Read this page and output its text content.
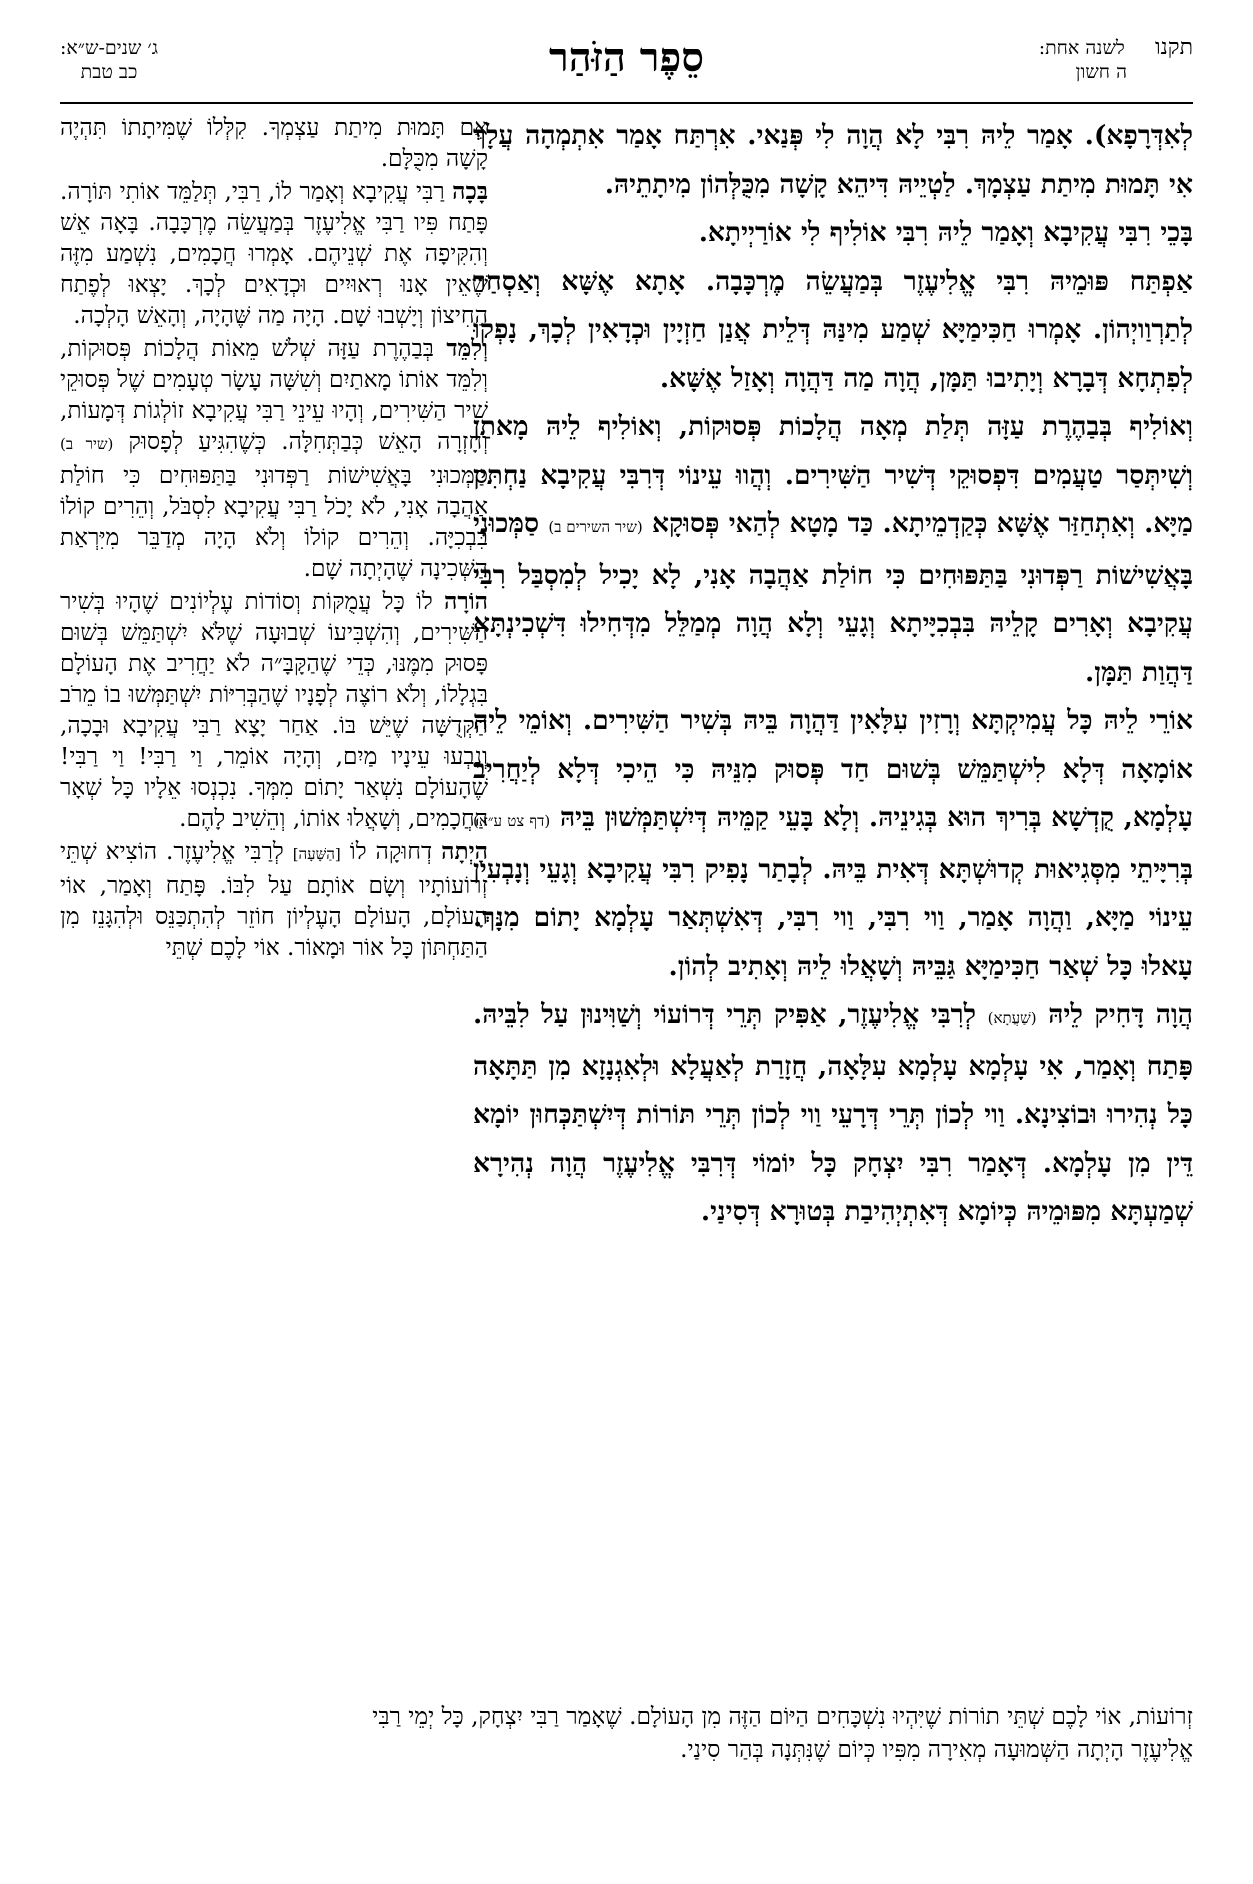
תקנו     לשנה אחת:
ה חשון
סֵפֶר הַזֹּהַר
ג׳ שנים-ש״א:
כב טבת

לְאִדְּרָפָא). אָמַר לֵיהּ רִבִּי לָא הֲוָה לִי פְּנַאי. אִרְתַּח אָמַר אִתְמְהָה עֲלָךְ אִי תָּמוּת מִיתַת עַצְמָךְ. לַטְיֵיהּ דִּיהֵא קָשָׁה מִכֻּלְּהוֹן מִיתָתֵיהּ.

בָּכֵי רִבִּי עֲקִיבָא וְאָמַר לֵיהּ רִבִּי אוֹלִיף לִי אוֹרַיְיתָא.

אַפְתַּח פּוּמֵיהּ רִבִּי אֱלִיעֶזֶר בְּמַעֲשֵׂה מֶרְכָּבָה. אָתָא אֶשָּׁא וְאַסְחַר לְתַרְוַויְהוֹן. אָמְרוּ חַכִּימַיָּא שְׁמַע מִינַּהּ דְּלֵית אֲנַן חַזְיָין וּכְדָאִין לְכָךְ, נָפְקוּ לְפִתְחָא דְּבָרָא וְיָתִיבוּ תַּמָּן, הֲוָה מַה דַּהֲוָה וְאָזַל אֶשָּׁא.

וְאוֹלִיף בְּבַהֶרֶת עַזָּה תְּלַת מְאָה הֲלָכוֹת פְּסוּקוֹת, וְאוֹלִיף לֵיהּ מָאתַן וְשִׁיתְּסַר טַעֲמִים דִּפְסוּקֵי דְּשִׁיר הַשִּׁירִים. וְהֲווּ עֵינוֹי דְּרִבִּי עֲקִיבָא נַחְתִּין מַיָּא. וְאִתְחַזַּר אֶשָּׁא כְּקַדְמֵיתָא. כַּד מָטָא לְהַאי פְּסוּקָא (שיר השירים ב) סַמְּכוּנִי בָּאֲשִׁישׁוֹת רַפְּדוּנִי בַּתַּפּוּחִים כִּי חוֹלַת אַהֲבָה אָנִי, לָא יָכִיל לְמִסְבַּל רִבִּי עֲקִיבָא וְאָרִים קָלֵיהּ בִּבְכִיָּיתָא וְגָעֵי וְלָא הֲוָה מְמַלֵּל מִדְּחִילוּ דִּשְׁכִינְתָּא דַּהֲוַת תַּמָּן.

אוֹרֵי לֵיהּ כָּל עֲמִיקְתָּא וְרָזִין עִלָּאִין דַּהֲוָה בֵּיהּ בְּשִׁיר הַשִּׁירִים. וְאוֹמֵי לֵיהּ אוֹמָאָה דְּלָא לִישְׁתַּמֵּשׁ בְּשׁוּם חַד פְּסוּק מִנֵּיהּ כִּי הֵיכִי דְּלָא לְיַחֲרִיב עָלְמָא, קֻדְשָׁא בְּרִיךְ הוּא בְּגִינֵיהּ. וְלָא בָּעֵי קַמֵּיהּ דְּיִשְׁתַּמְּשׁוּן בֵּיהּ (דף צט ע״א) בְּרִיָּיתֵי מִסְּגִיאוּת קְדוּשְׁתָּא דְּאִית בֵּיהּ. לְבָתַר נָפִיק רִבִּי עֲקִיבָא וְגָעֵי וְנָבְעִין עֵינוֹי מַיָּא, וַהֲוָה אָמַר, וַוי רִבִּי, וַוי רִבִּי, דְּאִשְׁתְּאַר עָלְמָא יָתוֹם מִנָּךְ. עָאלוּ כָּל שְׁאַר חַכִּימַיָּא גַּבֵּיהּ וְשָׁאֲלוּ לֵיהּ וְאָתִיב לְהוֹן.

הֲוָה דָּחִיק לֵיהּ (שַׁעֲתָא) לְרִבִּי אֱלִיעֶזֶר, אַפִּיק תְּרֵי דְּרוֹעוֹי וְשַׁוִּינוּן עַל לִבֵּיהּ. פָּתַח וְאָמַר, אִי עָלְמָא עָלְמָא עִלָּאָה, חֲזָרַת לְאַעֲלָא וּלְאִגְנָזָא מִן תַּתָּאָה כָּל נְהִירוּ וּבוֹצִינָא. וַוי לְכוֹן תְּרֵי דְּרָעֵי וַוי לְכוֹן תְּרֵי תּוֹרוֹת דְּיִשְׁתַּכְּחוּן יוֹמָא דֵּין מִן עָלְמָא. דְּאָמַר רִבִּי יִצְחָק כָּל יוֹמוֹי דְּרִבִּי אֱלִיעֶזֶר הֲוָה נְהִירָא שְׁמַעְתָּא מִפּוּמֵיהּ כְּיוֹמָא דְּאִתְיְהִיבַת בְּטוּרָא דְּסִינַי.

אִם תָּמוּת מִיתַת עַצְמְךָ. קִלְּלוֹ שֶׁמִּיתָתוֹ תִּהְיֶה קָשָׁה מִכֻּלָּם.

בָּכָה רַבִּי עֲקִיבָא וְאָמַר לוֹ, רַבִּי, תְּלַמֵּד אוֹתִי תּוֹרָה. פָּתַח פִּיו רַבִּי אֱלִיעֶזֶר בְּמַעֲשֵׂה מֶרְכָּבָה. בָּאָה אֵשׁ וְהִקִּיפָה אֶת שְׁנֵיהֶם. אָמְרוּ חֲכָמִים, נִשְׁמַע מִזֶּה שֶׁאֵין אָנוּ רְאוּיִים וּכְדָאִים לְכָךְ. יָצְאוּ לְפֶתַח הַחִיצוֹן וְיָשְׁבוּ שָׁם. הָיָה מַה שֶּׁהָיָה, וְהָאֵשׁ הָלְכָה.

וְלִמֵּד בְּבַהֶרֶת עַזָּה שְׁלֹשׁ מֵאוֹת הֲלָכוֹת פְּסוּקוֹת, וְלִמֵּד אוֹתוֹ מָאתַיִם וְשִׁשָּׁה עָשָׂר טְעָמִים שֶׁל פְּסוּקֵי שִׁיר הַשִּׁירִים, וְהָיוּ עֵינֵי רַבִּי עֲקִיבָא זוֹלְגוֹת דְּמָעוֹת, וְחָזְרָה הָאֵשׁ כְּבַתְּחִלָּה. כְּשֶׁהִגִּיעַ לְפָסוּק (שיר ב) סַמְּכוּנִי בָּאֲשִׁישׁוֹת רַפְּדוּנִי בַּתַּפּוּחִים כִּי חוֹלַת אַהֲבָה אָנִי, לֹא יָכֹל רַבִּי עֲקִיבָא לִסְבֹּל, וְהֵרִים קוֹלוֹ בִּבְכִיָּה. וְהֵרִים קוֹלוֹ וְלֹא הָיָה מְדַבֵּר מִיִּרְאַת הַשְּׁכִינָה שֶׁהָיְתָה שָׁם.

הוֹרָה לוֹ כָּל עֲמֻקּוֹת וְסוֹדוֹת עֶלְיוֹנִים שֶׁהָיוּ בְּשִׁיר הַשִּׁירִים, וְהִשְׁבִּיעוֹ שְׁבוּעָה שֶׁלֹּא יִשְׁתַּמֵּשׁ בְּשׁוּם פָּסוּק מִמֶּנּוּ, כְּדֵי שֶׁהַקָּבָּ״ה לֹא יַחֲרִיב אֶת הָעוֹלָם בִּגְלָלוֹ, וְלֹא רוֹצֶה לְפָנָיו שֶׁהַבְּרִיּוֹת יִשְׁתַּמְּשׁוּ בוֹ מֵרֹב הַקְּדֻשָּׁה שֶׁיֵּשׁ בּוֹ. אַחַר יָצָא רַבִּי עֲקִיבָא וּבָכָה, וְנָבְעוּ עֵינָיו מַיִם, וְהָיָה אוֹמֵר, וַי רַבִּי! וַי רַבִּי! שֶׁהָעוֹלָם נִשְׁאַר יָתוֹם מִמְּךָ. נִכְנְסוּ אֵלָיו כָּל שְׁאָר הַחֲכָמִים, וְשָׁאֲלוּ אוֹתוֹ, וְהֵשִׁיב לָהֶם.

הָיְתָה דְחוּקָה לוֹ [הַשָּׁעָה] לְרַבִּי אֱלִיעֶזֶר. הוֹצִיא שְׁתֵּי זְרוֹעוֹתָיו וְשָׂם אוֹתָם עַל לִבּוֹ. פָּתַח וְאָמַר, אוֹי הָעוֹלָם, הָעוֹלָם הָעֶלְיוֹן חוֹזֵר לְהִתְכַּנֵּס וּלְהִגָּנֵז מִן הַתַּחְתּוֹן כָּל אוֹר וּמָאוֹר. אוֹי לָכֶם שְׁתֵּי

זְרוֹעוֹת, אוֹי לָכֶם שְׁתֵּי תוֹרוֹת שֶׁיִּהְיוּ נִשְׁכָּחִים הַיּוֹם הַזֶּה מִן הָעוֹלָם. שֶׁאָמַר רַבִּי יִצְחָק, כָּל יְמֵי רַבִּי

אֱלִיעֶזֶר הָיְתָה הַשְּׁמוּעָה מְאִירָה מִפִּיו כְּיוֹם שֶׁנִּתְּנָה בְּהַר סִינַי.
